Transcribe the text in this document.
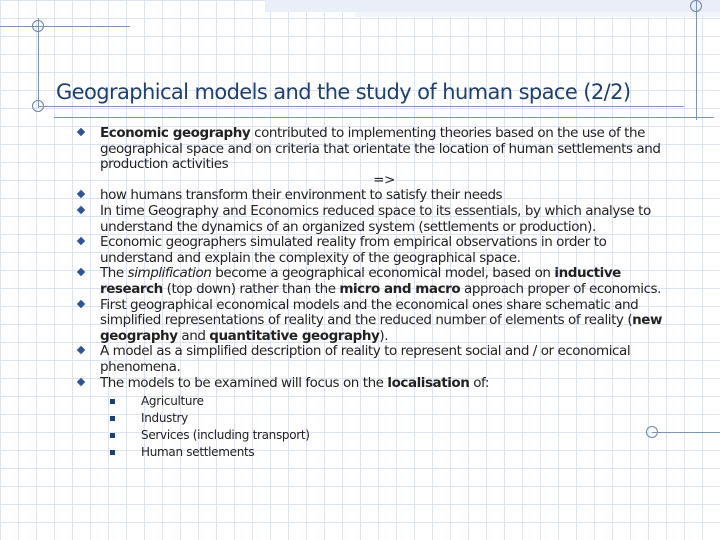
Geographical models and the study of human space (2/2)
Economic geography contributed to implementing theories based on the use of the geographical space and on criteria that orientate the location of human settlements and production activities
=>
how humans transform their environment to satisfy their needs
In time Geography and Economics reduced space to its essentials, by which analyse to understand the dynamics of an organized system (settlements or production).
Economic geographers simulated reality from empirical observations in order to understand and explain the complexity of the geographical space.
The simplification become a geographical economical model, based on inductive research (top down) rather than the micro and macro approach proper of economics.
First geographical economical models and the economical ones share schematic and simplified representations of reality and the reduced number of elements of reality (new geography and quantitative geography).
A model as a simplified description of reality to represent social and / or economical phenomena.
The models to be examined will focus on the localisation of:
Agriculture
Industry
Services (including transport)
Human settlements
